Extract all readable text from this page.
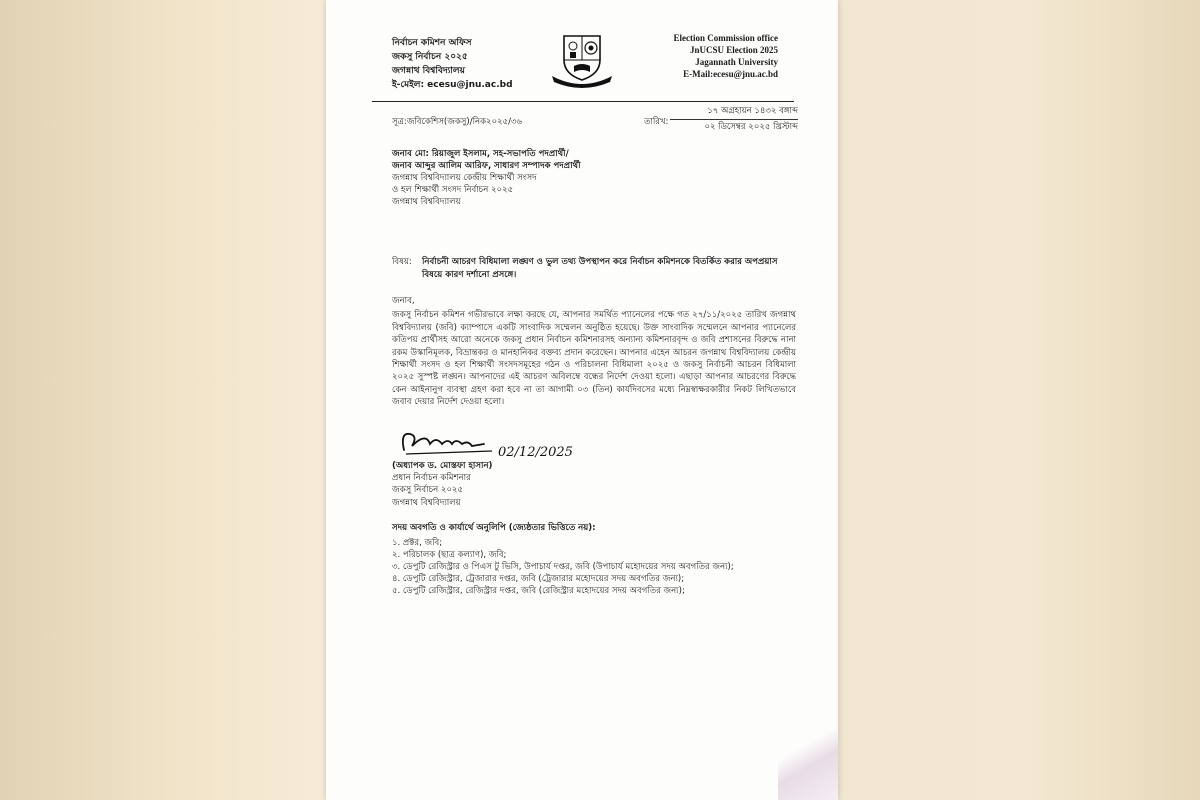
নির্বাচন কমিশন অফিস
জকসু নির্বাচন ২০২৫
জগন্নাথ বিশ্ববিদ্যালয়
ই-মেইল: ecesu@jnu.ac.bd
Election Commission office
JnUCSU Election 2025
Jagannath University
E-Mail:ecesu@jnu.ac.bd
সূত্র:জবিকেশিস(জকসু)/নিক২০২৫/৩৬	তারিখ:
১৭ অগ্রহায়ন ১৪৩২ বঙ্গাব্দ
০২ ডিসেম্বর ২০২৫ খ্রিস্টাব্দ
জনাব মো: রিয়াজুল ইসলাম, সহ-সভাপতি পদপ্রার্থী/
জনাব আব্দুর আলিম আরিফ, সাধারণ সম্পাদক পদপ্রার্থী
জগন্নাথ বিশ্ববিদ্যালয় কেন্দ্রীয় শিক্ষার্থী সংসদ
ও হল শিক্ষার্থী সংসদ নির্বাচন ২০২৫
জগন্নাথ বিশ্ববিদ্যালয়
বিষয়: নির্বাচনী আচরণ বিধিমালা লঙ্ঘণ ও ভুল তথ্য উপস্থাপন করে নির্বাচন কমিশনকে বিতর্কিত করার অপপ্রয়াস বিষয়ে কারণ দর্শানো প্রসঙ্গে।
জনাব,
জকসু নির্বাচন কমিশন গভীরভাবে লক্ষ্য করছে যে, আপনার সমর্থিত প্যানেলের পক্ষে গত ২৭/১১/২০২৫ তারিখ জগন্নাথ বিশ্ববিদ্যালয় (জবি) ক্যাম্পাসে একটি সাংবাদিক সম্মেলন অনুষ্ঠিত হয়েছে। উক্ত সাংবাদিক সম্মেলনে আপনার প্যানেলের কতিপয় প্রার্থীসহ আরো অনেকে জকসু প্রধান নির্বাচন কমিশনারসহ অন্যান্য কমিশনারবৃন্দ ও জবি প্রশাসনের বিরুদ্ধে নানা রকম উস্কানিমূলক, বিভ্রান্তকর ও মানহানিকর বক্তব্য প্রদান করেছেন। আপনার এহেন আচরন জগন্নাথ বিশ্ববিদ্যালয় কেন্দ্রীয় শিক্ষার্থী সংসদ ও হল শিক্ষার্থী সংসদসমূহের গঠন ও পরিচালনা বিধিমালা ২০২৫ ও জকসু নির্বাচনী আচরন বিধিমালা ২০২৫ সুস্পষ্ট লঙ্ঘন। আপনাদের এই আচরণ অবিলম্বে বন্ধের নির্দেশ দেওয়া হলো। এছাড়া আপনার আচরণের বিরুদ্ধে কেন আইনানুগ ব্যবস্থা গ্রহণ করা হবে না তা আগামী ০৩ (তিন) কার্যদিবসের মধ্যে নিম্নস্বাক্ষরকারীর নিকট লিখিতভাবে জবাব দেয়ার নির্দেশ দেওয়া হলো।
02/12/2025
(অধ্যাপক ড. মোস্তফা হাসান)
প্রধান নির্বাচন কমিশনার
জকসু নির্বাচন ২০২৫
জগন্নাথ বিশ্ববিদ্যালয়
সদয় অবগতি ও কার্যার্থে অনুলিপি (জ্যেষ্ঠতার ভিত্তিতে নয়):
১. প্রক্টর, জবি;
২. পরিচালক (ছাত্র কল্যাণ), জবি;
৩. ডেপুটি রেজিস্ট্রার ও পিএস টু ভিসি, উপাচার্য দপ্তর, জবি (উপাচার্য মহোদয়ের সদয় অবগতির জন্য);
৪. ডেপুটি রেজিস্ট্রার, ট্রেজারার দপ্তর, জবি (ট্রেজারার মহোদয়ের সদয় অবগতির জন্য);
৫. ডেপুটি রেজিস্ট্রার, রেজিস্ট্রার দপ্তর, জবি (রেজিস্ট্রার মহোদয়ের সদয় অবগতির জন্য);
